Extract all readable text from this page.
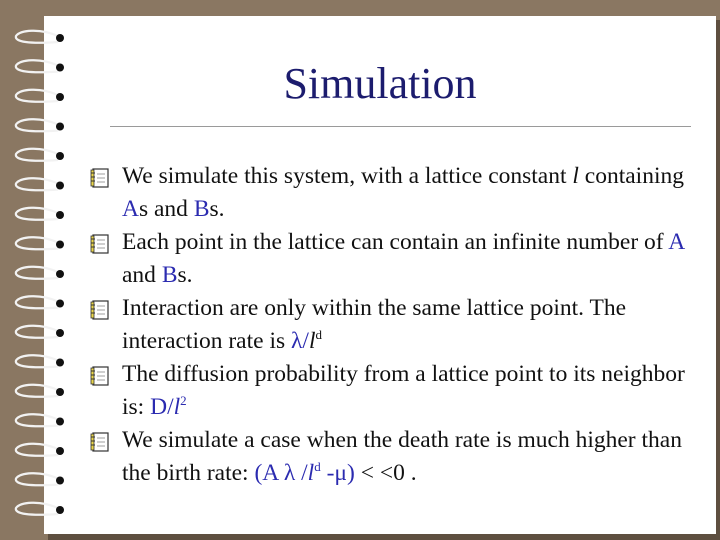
Simulation
We simulate this system, with a lattice constant l containing As and Bs.
Each point in the lattice can contain an infinite number of A and Bs.
Interaction are only within the same lattice point. The interaction rate is $\lambda/l^d$
The diffusion probability from a lattice point to its neighbor is: $D/l^2$
We simulate a case when the death rate is much higher than the birth rate: (A λ $/l^d$ -μ) < <0 .
